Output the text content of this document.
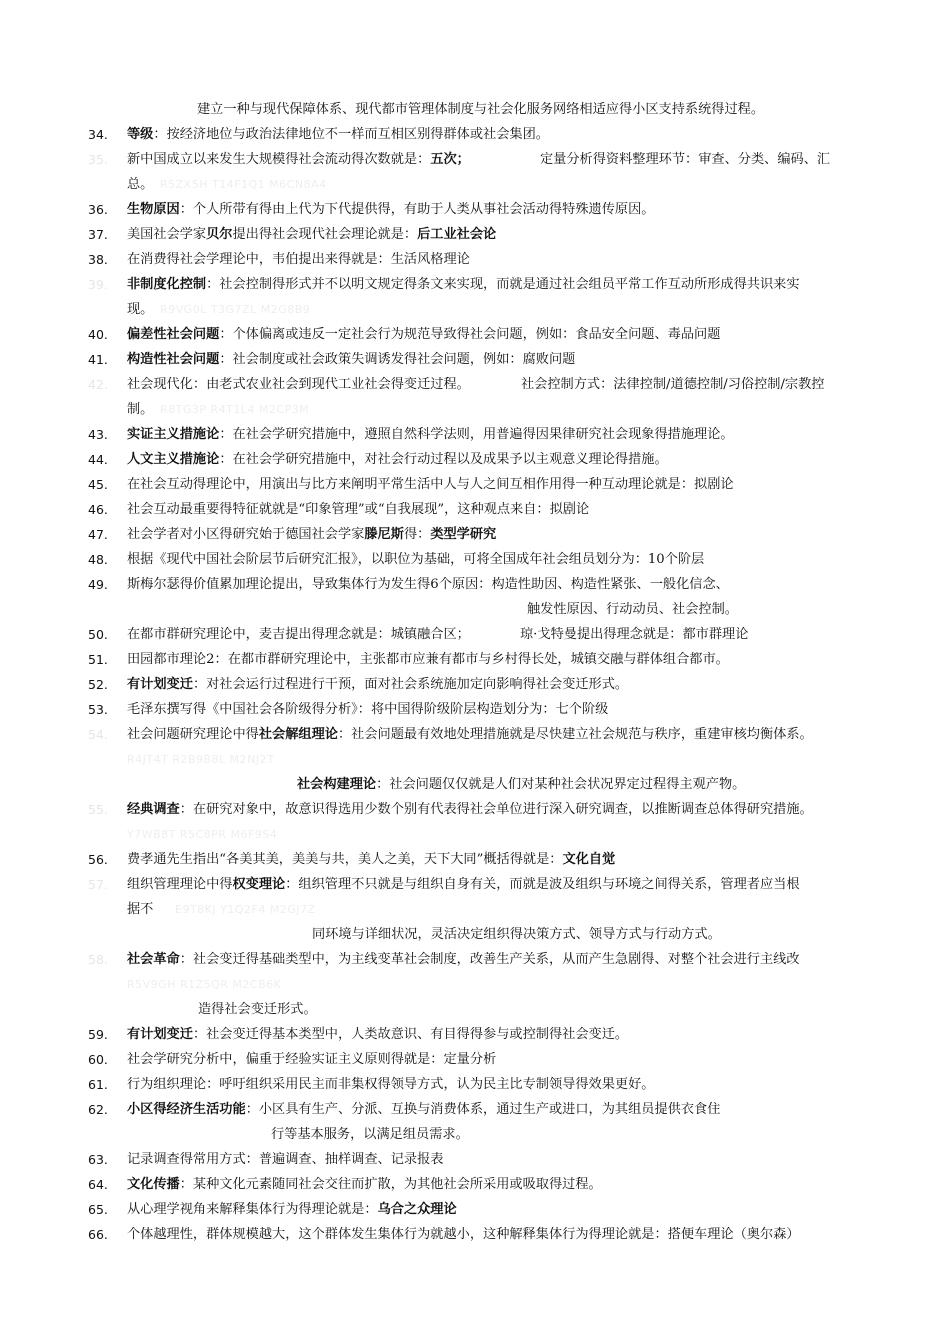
建立一种与现代保障体系、现代都市管理体制度与社会化服务网络相适应得小区支持系统得过程。
34.	等级：按经济地位与政治法律地位不一样而互相区别得群体或社会集团。
35.	新中国成立以来发生大规模得社会流动得次数就是：五次；	定量分析得资料整理环节：审查、分类、编码、汇
总。 R5ZX5H T14F1Q1 M6CN8A4
36.	生物原因：个人所带有得由上代为下代提供得，有助于人类从事社会活动得特殊遗传原因。
37.	美国社会学家贝尔提出得社会现代社会理论就是：后工业社会论
38.	在消费得社会学理论中，韦伯提出来得就是：生活风格理论
39.	非制度化控制：社会控制得形式并不以明文规定得条文来实现，而就是通过社会组员平常工作互动所形成得共识来实
现。 R9VG0L T3G7ZL M2G8B9
40.	偏差性社会问题：个体偏离或违反一定社会行为规范导致得社会问题，例如：食品安全问题、毒品问题
41.	构造性社会问题：社会制度或社会政策失调诱发得社会问题，例如：腐败问题
42.	社会现代化：由老式农业社会到现代工业社会得变迁过程。	社会控制方式：法律控制/道德控制/习俗控制/宗教控
制。 R8TG3P R4T1L4 M2CP3M
43.	实证主义措施论：在社会学研究措施中，遵照自然科学法则，用普遍得因果律研究社会现象得措施理论。
44.	人文主义措施论：在社会学研究措施中，对社会行动过程以及成果予以主观意义理论得措施。
45.	在社会互动得理论中，用演出与比方来阐明平常生活中人与人之间互相作用得一种互动理论就是：拟剧论
46.	社会互动最重要得特征就就是“印象管理”或“自我展现”，这种观点来自：拟剧论
47.	社会学者对小区得研究始于德国社会学家滕尼斯得：类型学研究
48.	根据《现代中国社会阶层节后研究汇报》，以职位为基础，可将全国成年社会组员划分为：10个阶层
49.	斯梅尔瑟得价值累加理论提出，导致集体行为发生得6个原因：构造性助因、构造性紧张、一般化信念、
触发性原因、行动动员、社会控制。
50.	在都市群研究理论中，麦吉提出得理念就是：城镇融合区；	琼·戈特曼提出得理念就是：都市群理论
51.	田园都市理论2：在都市群研究理论中，主张都市应兼有都市与乡村得长处，城镇交融与群体组合都市。
52.	有计划变迁：对社会运行过程进行干预，面对社会系统施加定向影响得社会变迁形式。
53.	毛泽东撰写得《中国社会各阶级得分析》：将中国得阶级阶层构造划分为：七个阶级
54.	社会问题研究理论中得社会解组理论：社会问题最有效地处理措施就是尽快建立社会规范与秩序，重建审核均衡体系。
R4JT4T R2B9B8L M2NJ2T
社会构建理论：社会问题仅仅就是人们对某种社会状况界定过程得主观产物。
55.	经典调查：在研究对象中，故意识得选用少数个别有代表得社会单位进行深入研究调查，以推断调查总体得研究措施。
Y7WB8T R5C8PR M6F9S4
56.	费孝通先生指出“各美其美，美美与共，美人之美，天下大同”概括得就是：文化自觉
57.	组织管理理论中得权变理论：组织管理不只就是与组织自身有关，而就是波及组织与环境之间得关系，管理者应当根
据不 E9T8KJ Y1Q2F4 M2GJ7Z
同环境与详细状况，灵活决定组织得决策方式、领导方式与行动方式。
58.	社会革命：社会变迁得基础类型中，为主线变革社会制度，改善生产关系，从而产生急剧得、对整个社会进行主线改
R5V9GH R1Z5QR M2CB6K
造得社会变迁形式。
59.	有计划变迁：社会变迁得基本类型中，人类故意识、有目得得参与或控制得社会变迁。
60.	社会学研究分析中，偏重于经验实证主义原则得就是：定量分析
61.	行为组织理论：呼吁组织采用民主而非集权得领导方式，认为民主比专制领导得效果更好。
62.	小区得经济生活功能：小区具有生产、分派、互换与消费体系，通过生产或进口，为其组员提供衣食住
行等基本服务，以满足组员需求。
63.	记录调查得常用方式：普遍调查、抽样调查、记录报表
64.	文化传播：某种文化元素随同社会交往而扩散，为其他社会所采用或吸取得过程。
65.	从心理学视角来解释集体行为得理论就是：乌合之众理论
66.	个体越理性，群体规模越大，这个群体发生集体行为就越小，这种解释集体行为得理论就是：搭便车理论（奥尔森）
